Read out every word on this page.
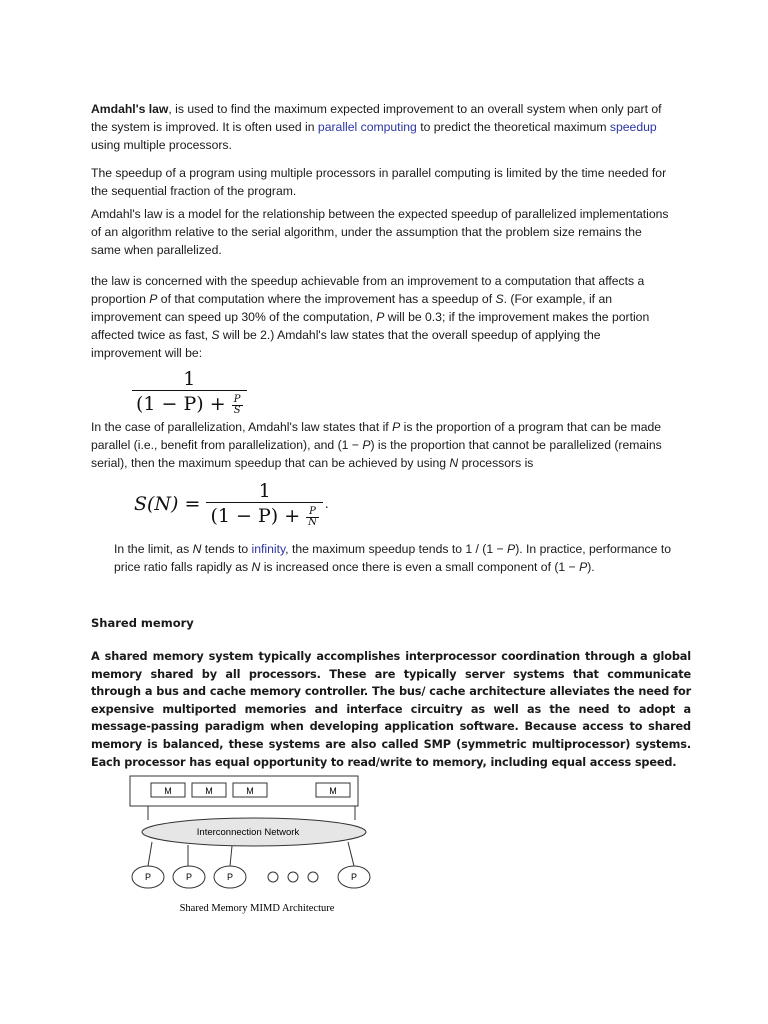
Amdahl's law, is used to find the maximum expected improvement to an overall system when only part of the system is improved. It is often used in parallel computing to predict the theoretical maximum speedup using multiple processors.

The speedup of a program using multiple processors in parallel computing is limited by the time needed for the sequential fraction of the program.

Amdahl's law is a model for the relationship between the expected speedup of parallelized implementations of an algorithm relative to the serial algorithm, under the assumption that the problem size remains the same when parallelized.

the law is concerned with the speedup achievable from an improvement to a computation that affects a proportion P of that computation where the improvement has a speedup of S. (For example, if an improvement can speed up 30% of the computation, P will be 0.3; if the improvement makes the portion affected twice as fast, S will be 2.) Amdahl's law states that the overall speedup of applying the improvement will be:

$\frac{1}{(1 - P) + \frac{P}{S}}$

In the case of parallelization, Amdahl's law states that if P is the proportion of a program that can be made parallel (i.e., benefit from parallelization), and (1 − P) is the proportion that cannot be parallelized (remains serial), then the maximum speedup that can be achieved by using N processors is

$S(N) = \frac{1}{(1 - P) + \frac{P}{N}}$ .

In the limit, as N tends to infinity, the maximum speedup tends to 1 / (1 − P). In practice, performance to price ratio falls rapidly as N is increased once there is even a small component of (1 − P).

Shared memory
A shared memory system typically accomplishes interprocessor coordination through a global memory shared by all processors. These are typically server systems that communicate through a bus and cache memory controller. The bus/ cache architecture alleviates the need for expensive multiported memories and interface circuitry as well as the need to adopt a message-passing paradigm when developing application software. Because access to shared memory is balanced, these systems are also called SMP (symmetric multiprocessor) systems. Each processor has equal opportunity to read/write to memory, including equal access speed.
M	M	M	M
Interconnection Network
P	P	P	P
Shared Memory MIMD Architecture
